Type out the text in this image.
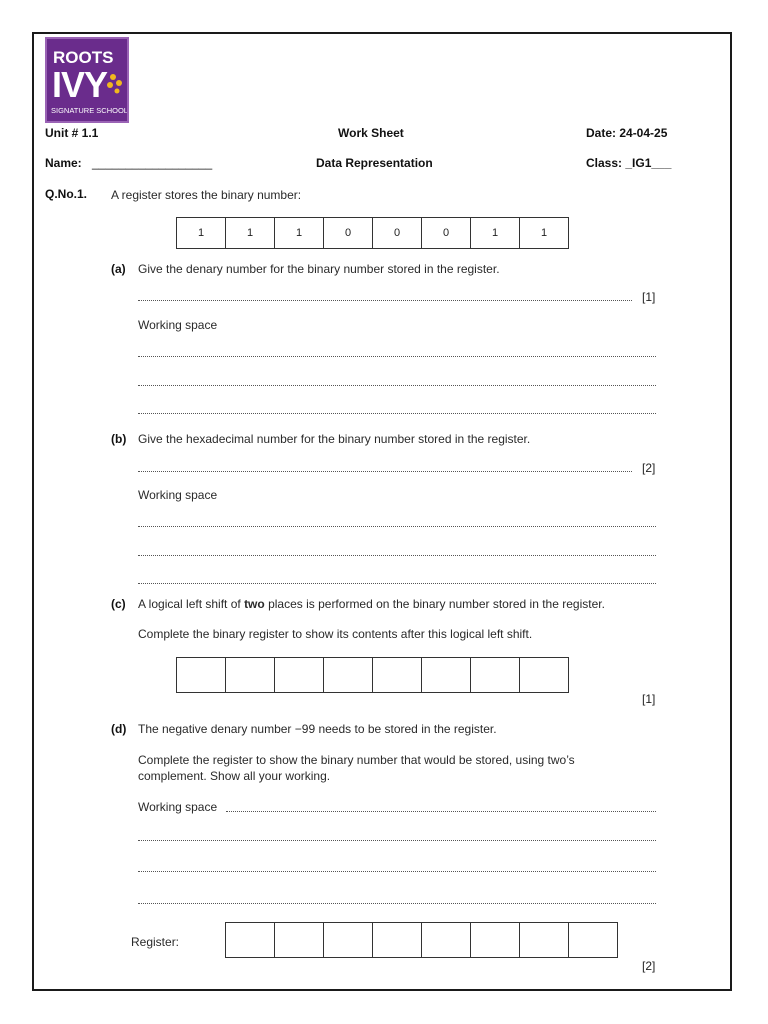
ROOTS
IVY
SIGNATURE SCHOOL
Unit # 1.1	Work Sheet	Date: 24-04-25
Name: __________________	Data Representation	Class: _IG1___
Q.No.1. A register stores the binary number:
1	1	1	0	0	0	1	1
(a) Give the denary number for the binary number stored in the register.
[1]
Working space
(b) Give the hexadecimal number for the binary number stored in the register.
[2]
Working space
(c) A logical left shift of two places is performed on the binary number stored in the register.
Complete the binary register to show its contents after this logical left shift.
[1]
(d) The negative denary number −99 needs to be stored in the register.
Complete the register to show the binary number that would be stored, using two’s
complement. Show all your working.
Working space
Register:
[2]
